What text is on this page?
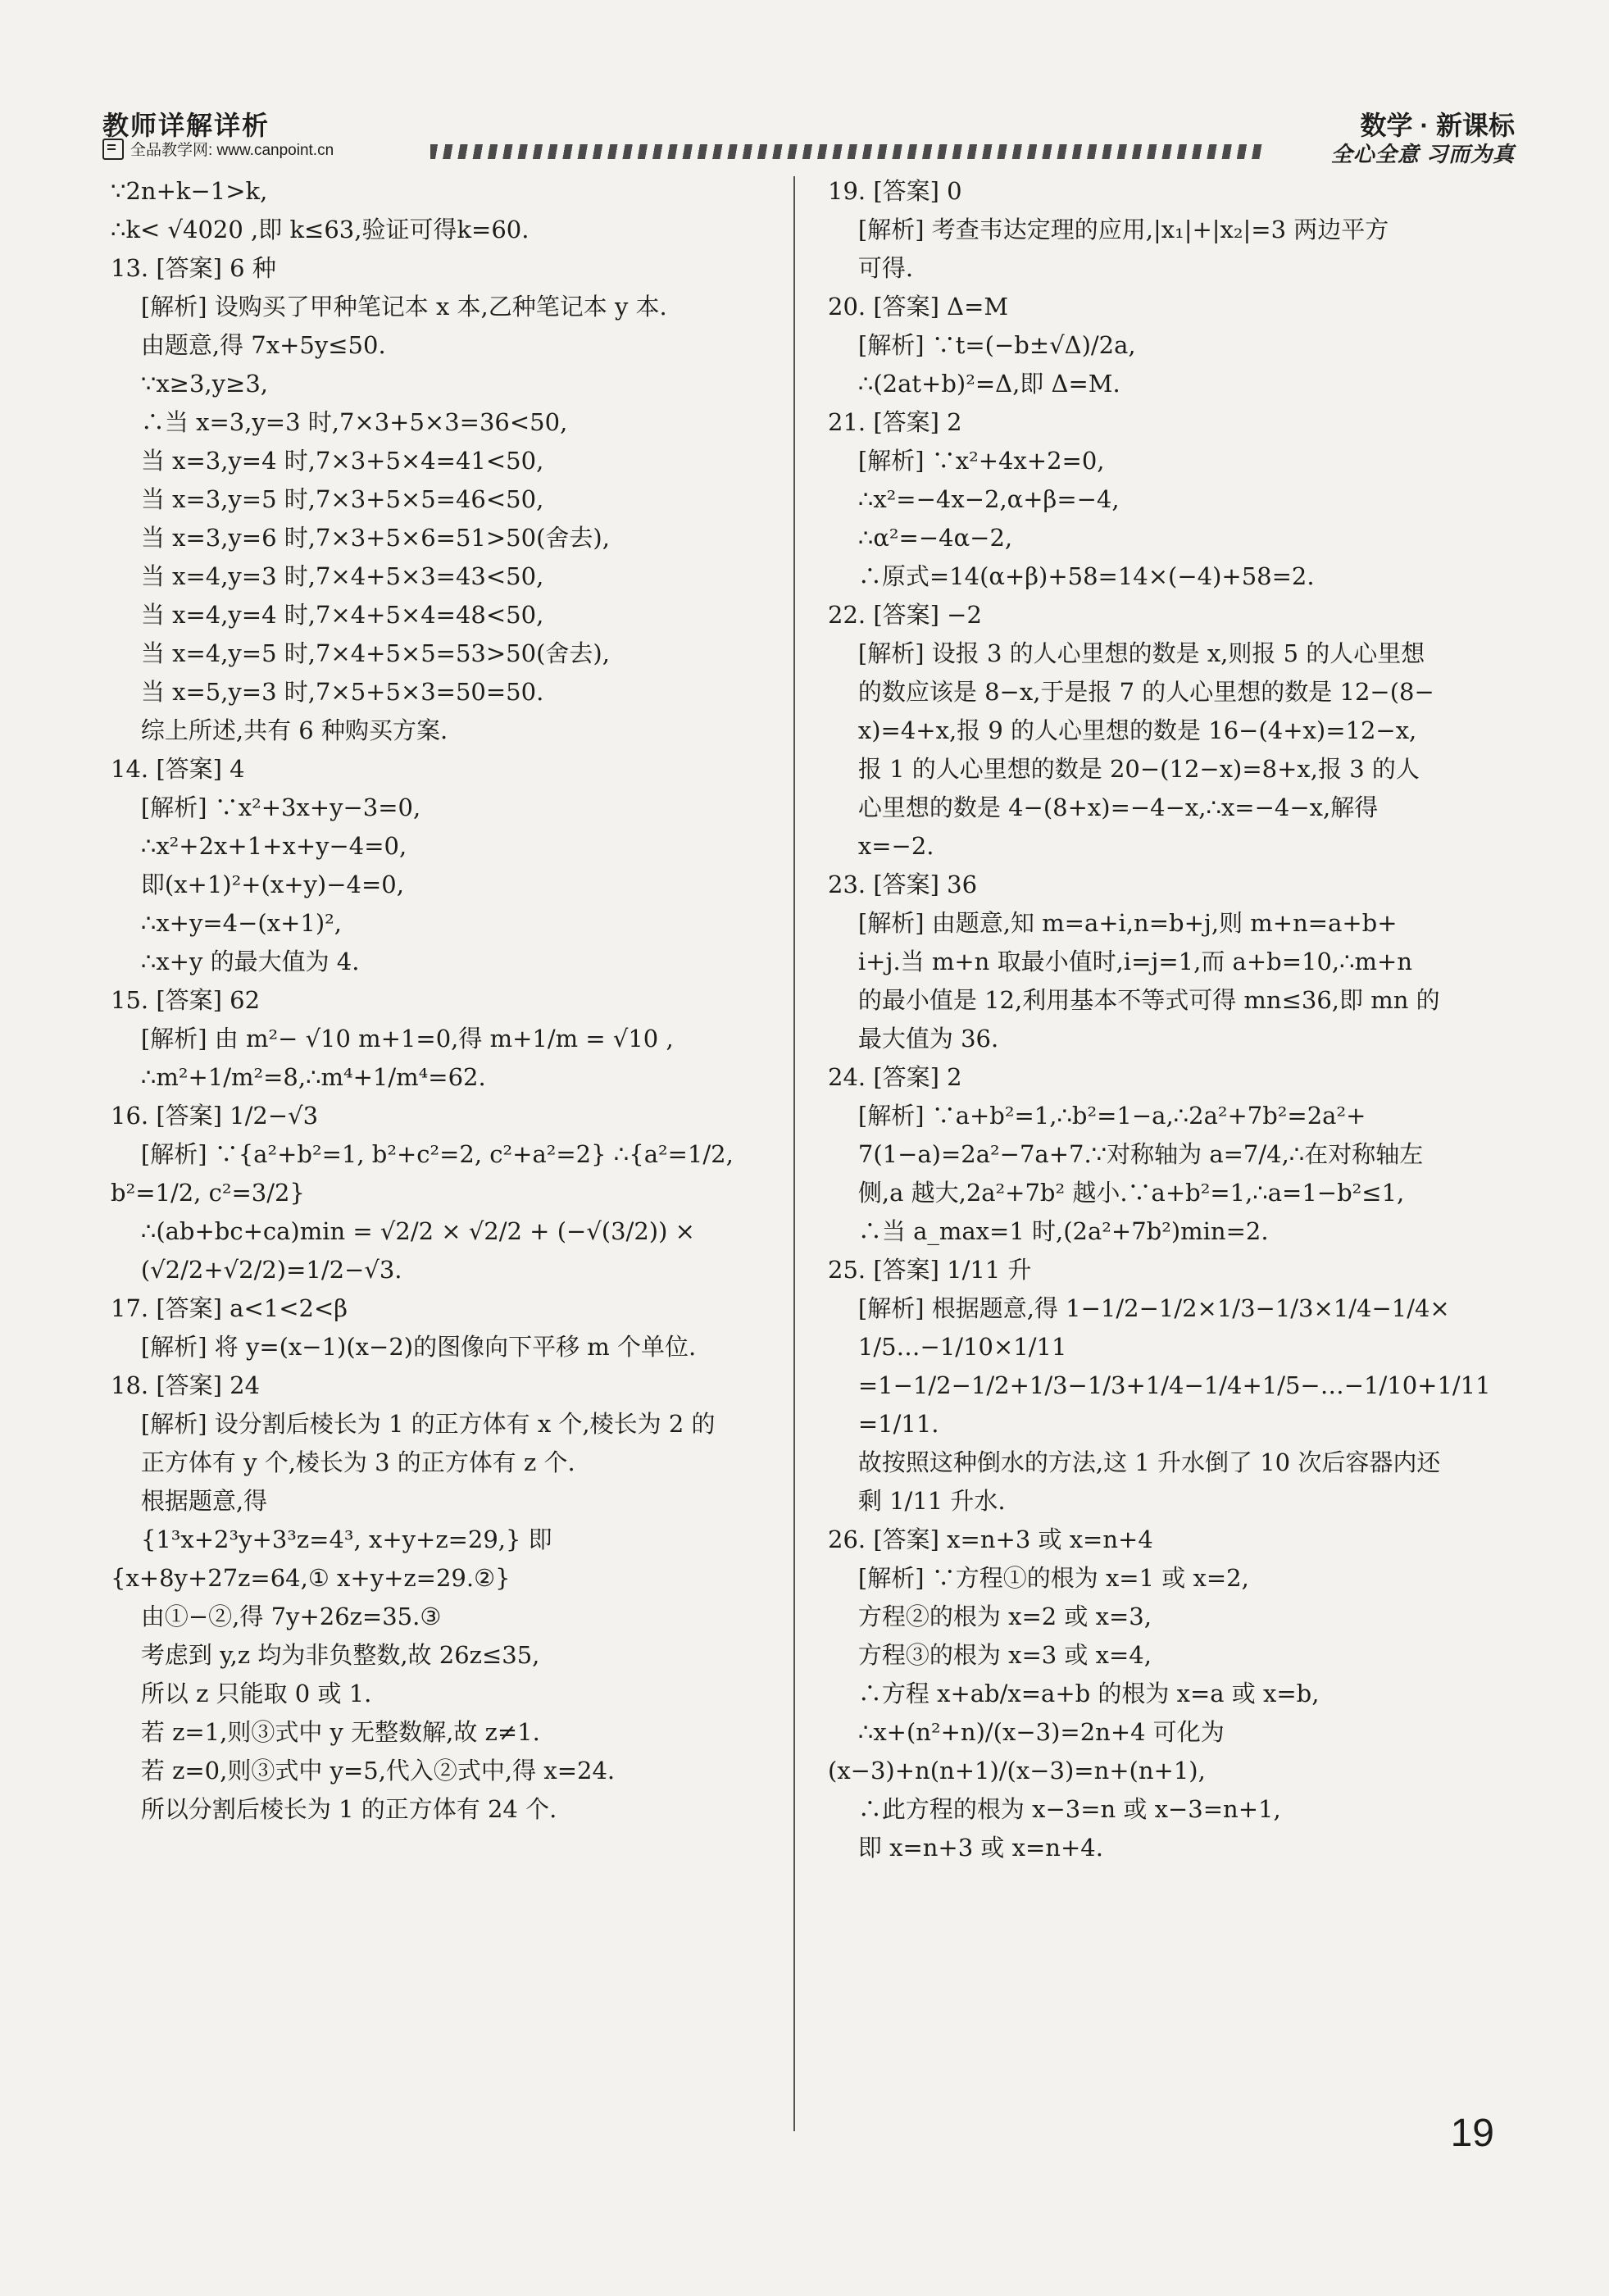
教师详解详析
全品教学网: www.canpoint.cn
数学 · 新课标
全心全意 习而为真
∵2n+k−1>k,
∴k< √4020 ,即 k≤63,验证可得k=60.
13. [答案] 6 种
[解析] 设购买了甲种笔记本 x 本,乙种笔记本 y 本.
由题意,得 7x+5y≤50.
∵x≥3,y≥3,
∴当 x=3,y=3 时,7×3+5×3=36<50,
当 x=3,y=4 时,7×3+5×4=41<50,
当 x=3,y=5 时,7×3+5×5=46<50,
当 x=3,y=6 时,7×3+5×6=51>50(舍去),
当 x=4,y=3 时,7×4+5×3=43<50,
当 x=4,y=4 时,7×4+5×4=48<50,
当 x=4,y=5 时,7×4+5×5=53>50(舍去),
当 x=5,y=3 时,7×5+5×3=50=50.
综上所述,共有 6 种购买方案.
14. [答案] 4
[解析] ∵x²+3x+y−3=0,
∴x²+2x+1+x+y−4=0,
即(x+1)²+(x+y)−4=0,
∴x+y=4−(x+1)²,
∴x+y 的最大值为 4.
15. [答案] 62
[解析] 由 m²− √10 m+1=0,得 m+1/m = √10 ,
∴m²+1/m²=8,∴m⁴+1/m⁴=62.
16. [答案] 1/2−√3
[解析] ∵{a²+b²=1, b²+c²=2, c²+a²=2} ∴{a²=1/2, b²=1/2, c²=3/2}
∴(ab+bc+ca)min = √2/2 × √2/2 + (−√(3/2)) ×
(√2/2+√2/2)=1/2−√3.
17. [答案] a<1<2<β
[解析] 将 y=(x−1)(x−2)的图像向下平移 m 个单位.
18. [答案] 24
[解析] 设分割后棱长为 1 的正方体有 x 个,棱长为 2 的
正方体有 y 个,棱长为 3 的正方体有 z 个.
根据题意,得
{1³x+2³y+3³z=4³, x+y+z=29,} 即 {x+8y+27z=64,① x+y+z=29.②}
由①−②,得 7y+26z=35.③
考虑到 y,z 均为非负整数,故 26z≤35,
所以 z 只能取 0 或 1.
若 z=1,则③式中 y 无整数解,故 z≠1.
若 z=0,则③式中 y=5,代入②式中,得 x=24.
所以分割后棱长为 1 的正方体有 24 个.
19. [答案] 0
[解析] 考查韦达定理的应用,|x₁|+|x₂|=3 两边平方
可得.
20. [答案] Δ=M
[解析] ∵t=(−b±√Δ)/2a,
∴(2at+b)²=Δ,即 Δ=M.
21. [答案] 2
[解析] ∵x²+4x+2=0,
∴x²=−4x−2,α+β=−4,
∴α²=−4α−2,
∴原式=14(α+β)+58=14×(−4)+58=2.
22. [答案] −2
[解析] 设报 3 的人心里想的数是 x,则报 5 的人心里想
的数应该是 8−x,于是报 7 的人心里想的数是 12−(8−
x)=4+x,报 9 的人心里想的数是 16−(4+x)=12−x,
报 1 的人心里想的数是 20−(12−x)=8+x,报 3 的人
心里想的数是 4−(8+x)=−4−x,∴x=−4−x,解得
x=−2.
23. [答案] 36
[解析] 由题意,知 m=a+i,n=b+j,则 m+n=a+b+
i+j.当 m+n 取最小值时,i=j=1,而 a+b=10,∴m+n
的最小值是 12,利用基本不等式可得 mn≤36,即 mn 的
最大值为 36.
24. [答案] 2
[解析] ∵a+b²=1,∴b²=1−a,∴2a²+7b²=2a²+
7(1−a)=2a²−7a+7.∵对称轴为 a=7/4,∴在对称轴左
侧,a 越大,2a²+7b² 越小.∵a+b²=1,∴a=1−b²≤1,
∴当 a_max=1 时,(2a²+7b²)min=2.
25. [答案] 1/11 升
[解析] 根据题意,得 1−1/2−1/2×1/3−1/3×1/4−1/4×
1/5…−1/10×1/11
=1−1/2−1/2+1/3−1/3+1/4−1/4+1/5−…−1/10+1/11
=1/11.
故按照这种倒水的方法,这 1 升水倒了 10 次后容器内还
剩 1/11 升水.
26. [答案] x=n+3 或 x=n+4
[解析] ∵方程①的根为 x=1 或 x=2,
方程②的根为 x=2 或 x=3,
方程③的根为 x=3 或 x=4,
∴方程 x+ab/x=a+b 的根为 x=a 或 x=b,
∴x+(n²+n)/(x−3)=2n+4 可化为(x−3)+n(n+1)/(x−3)=n+(n+1),
∴此方程的根为 x−3=n 或 x−3=n+1,
即 x=n+3 或 x=n+4.
19
